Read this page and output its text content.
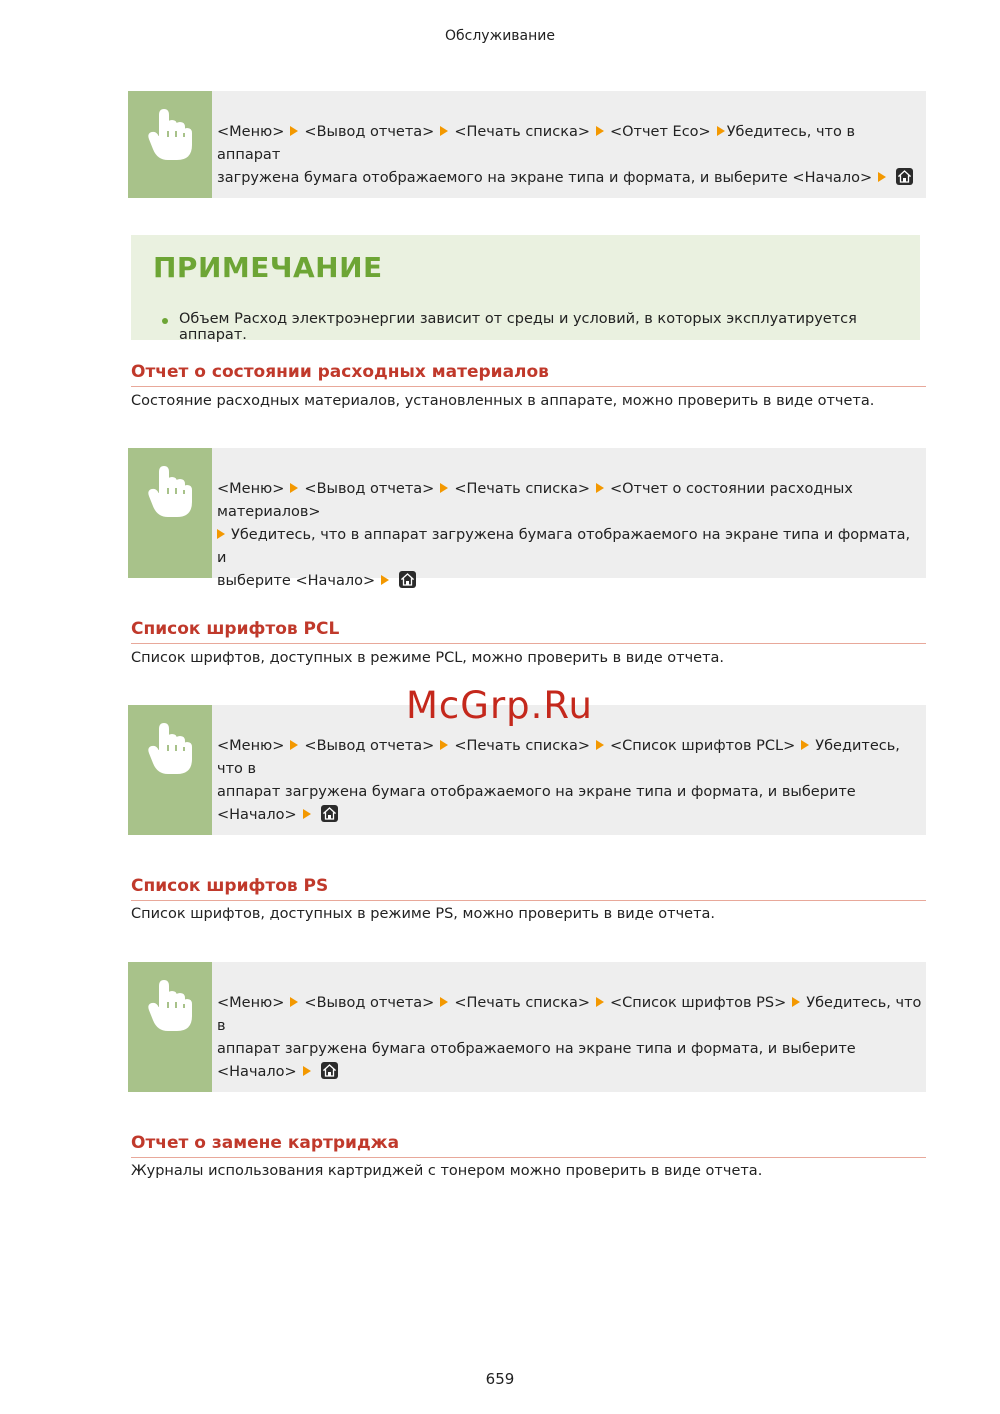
Обслуживание
<Меню> <Вывод отчета> <Печать списка> <Отчет Eco> Убедитесь, что в аппарат
загружена бумага отображаемого на экране типа и формата, и выберите <Начало>
ПРИМЕЧАНИЕ
Объем Расход электроэнергии зависит от среды и условий, в которых эксплуатируется аппарат.
Отчет о состоянии расходных материалов
Состояние расходных материалов, установленных в аппарате, можно проверить в виде отчета.
<Меню> <Вывод отчета> <Печать списка> <Отчет о состоянии расходных материалов>
Убедитесь, что в аппарат загружена бумага отображаемого на экране типа и формата, и
выберите <Начало>
Список шрифтов PCL
Список шрифтов, доступных в режиме PCL, можно проверить в виде отчета.
<Меню> <Вывод отчета> <Печать списка> <Список шрифтов PCL> Убедитесь, что в
аппарат загружена бумага отображаемого на экране типа и формата, и выберите
<Начало>
Список шрифтов PS
Список шрифтов, доступных в режиме PS, можно проверить в виде отчета.
<Меню> <Вывод отчета> <Печать списка> <Список шрифтов PS> Убедитесь, что в
аппарат загружена бумага отображаемого на экране типа и формата, и выберите
<Начало>
Отчет о замене картриджа
Журналы использования картриджей с тонером можно проверить в виде отчета.
McGrp.Ru
659
